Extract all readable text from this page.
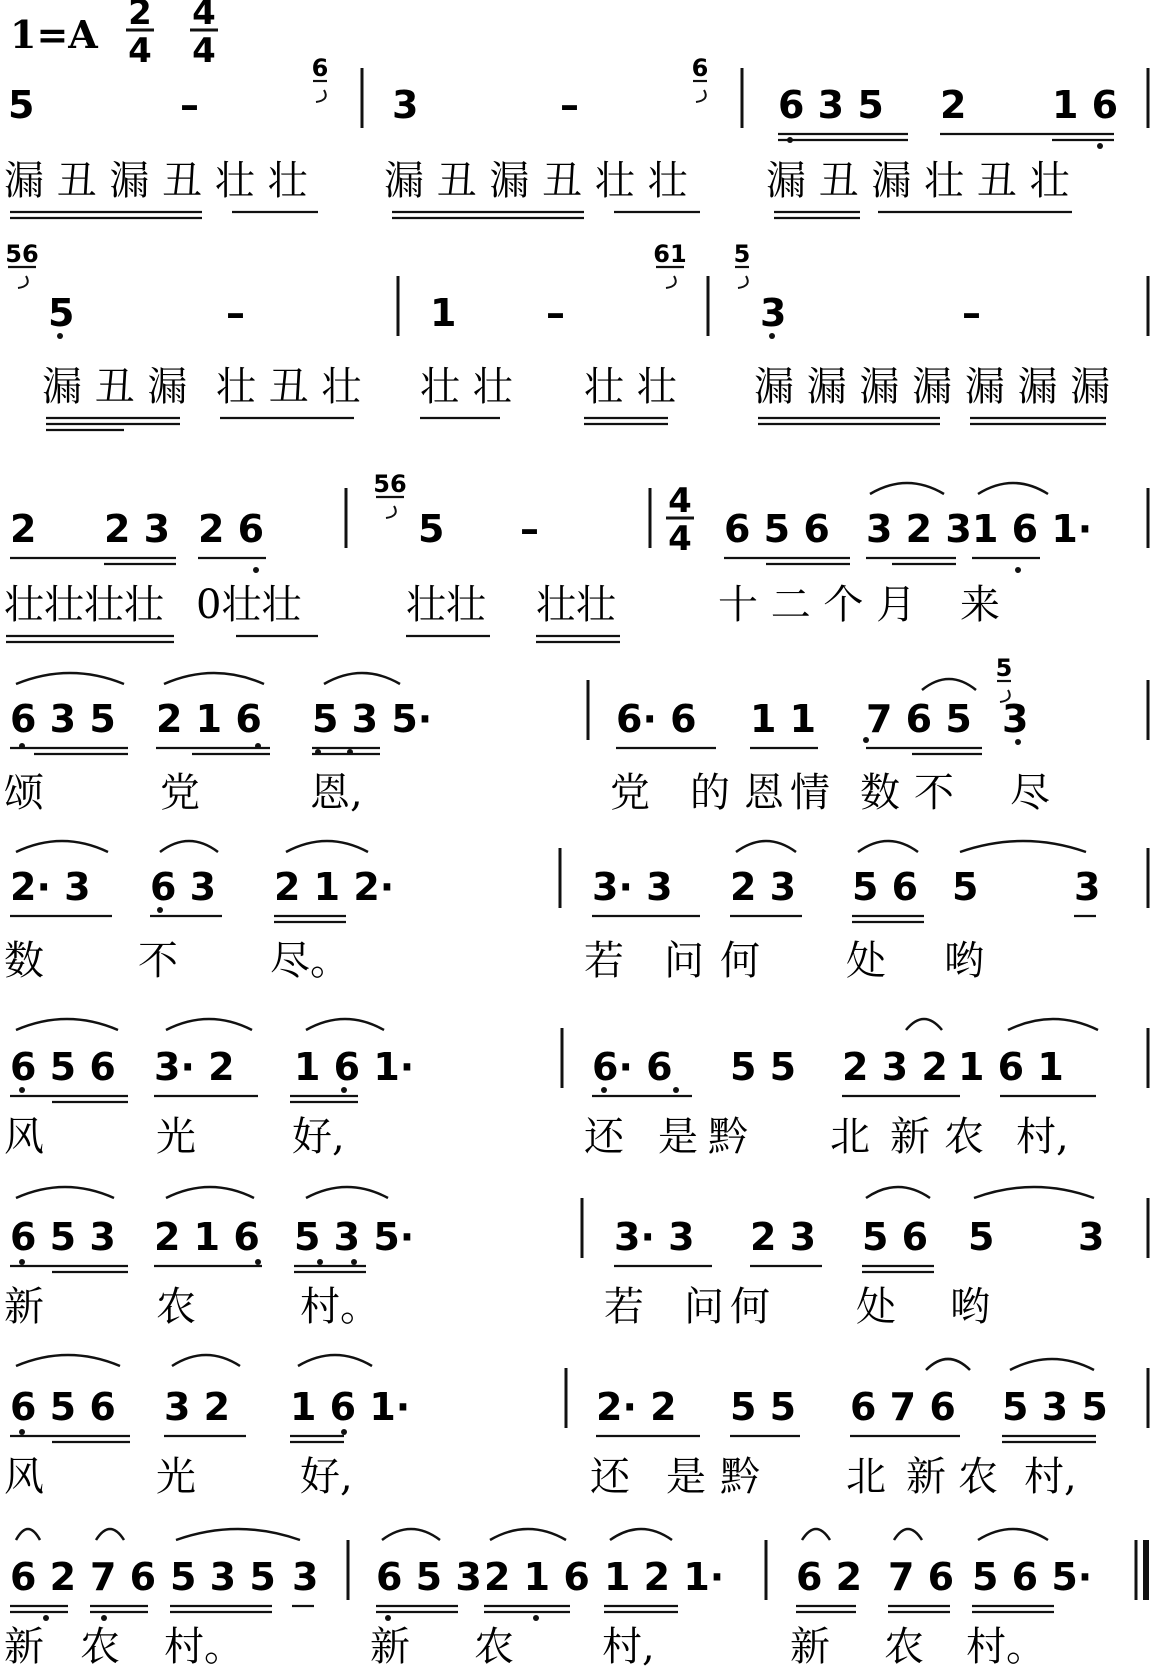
1=A 2
4
4
4
5	–	3	–	6 3 5 2 1 6
6	6
漏 丑 漏 丑 壮 壮 漏 丑 漏 丑 壮 壮 漏 丑 漏 壮 丑 壮
5	–	1 –	3	–
56	61 5
漏 丑 漏 壮 丑 壮 壮 壮 壮 壮 漏 漏 漏 漏 漏 漏 漏
2 2 3 2 6	5 –	6 5 6 3 2 3 1 6 1·
56	4
4
壮壮壮壮 0壮壮	壮壮 壮壮	十 二 个 月 来
6 3 5 2 1 6 5 3 5·	6· 6 1 1 7 6 5 3
5
颂	党	恩,	党 的 恩 情 数 不 尽
2· 3 6 3 2 1 2·	3· 3 2 3 5 6 5	3
数 不 尽。	若 问 何 处 哟
6 5 6 3· 2 1 6 1·	6· 6 5 5 2 3 2 1 6 1
风	光 好,	还 是 黔 北 新 农 村,
6 5 3 2 1 6 5 3 5·	3· 3 2 3 5 6 5 3
新	农	村。	若 问 何 处 哟
6 5 6 3 2 1 6 1·	2· 2 5 5 6 7 6 5 3 5
风	光	好,	还 是 黔 北 新 农 村,
6 2 7 6 5 3 5 3 6 5 3 2 1 6 1 2 1· 6 2 7 6 5 6 5·
新 农 村。	新 农 村,	新 农 村。
